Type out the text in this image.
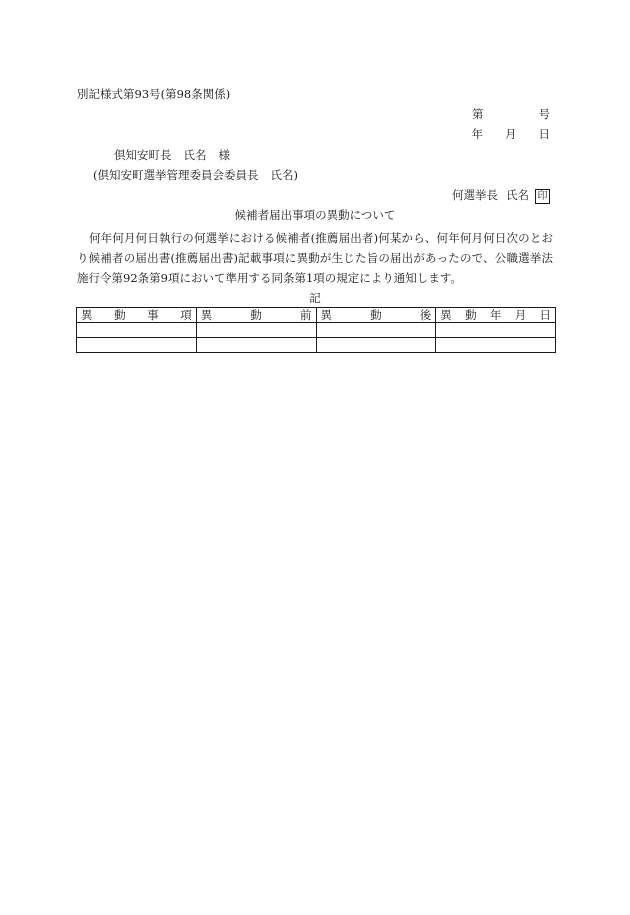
別記様式第93号(第98条関係)
第	号
年 月 日
倶知安町長 氏名 様
(倶知安町選挙管理委員会委員長 氏名)
何選挙長 氏名 印
候補者届出事項の異動について
何年何月何日執行の何選挙における候補者(推薦届出者)何某から、何年何月何日次のとおり候補者の届出書(推薦届出書)記載事項に異動が生じた旨の届出があったので、公職選挙法施行令第92条第9項において準用する同条第1項の規定により通知します。
記
異 動 事 項	異 動 前	異 動 後	異 動 年 月 日
